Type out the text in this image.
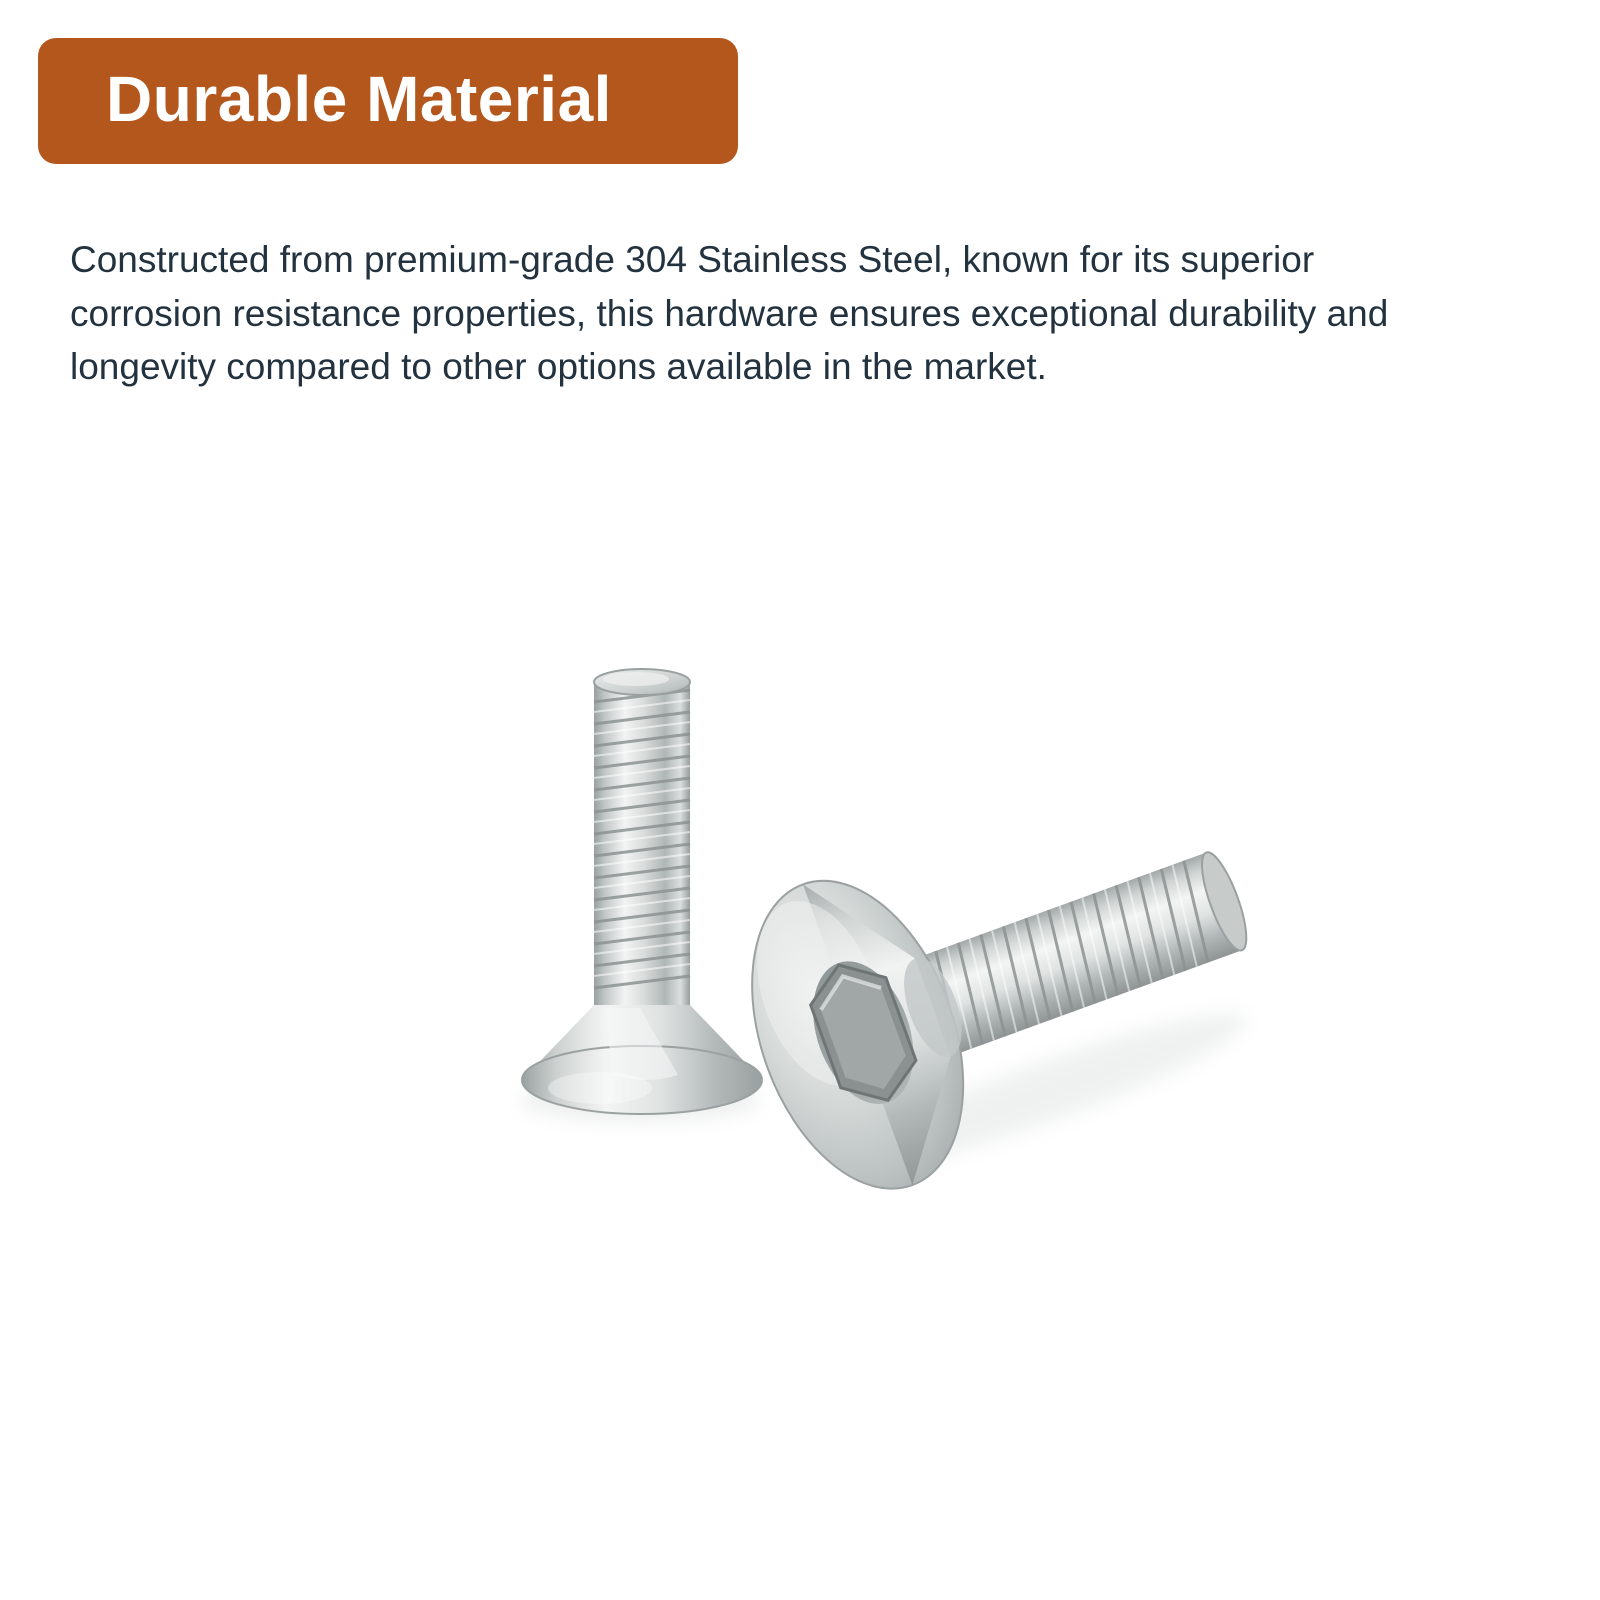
Durable Material

Constructed from premium-grade 304 Stainless Steel, known for its superior corrosion resistance properties, this hardware ensures exceptional durability and longevity compared to other options available in the market.
